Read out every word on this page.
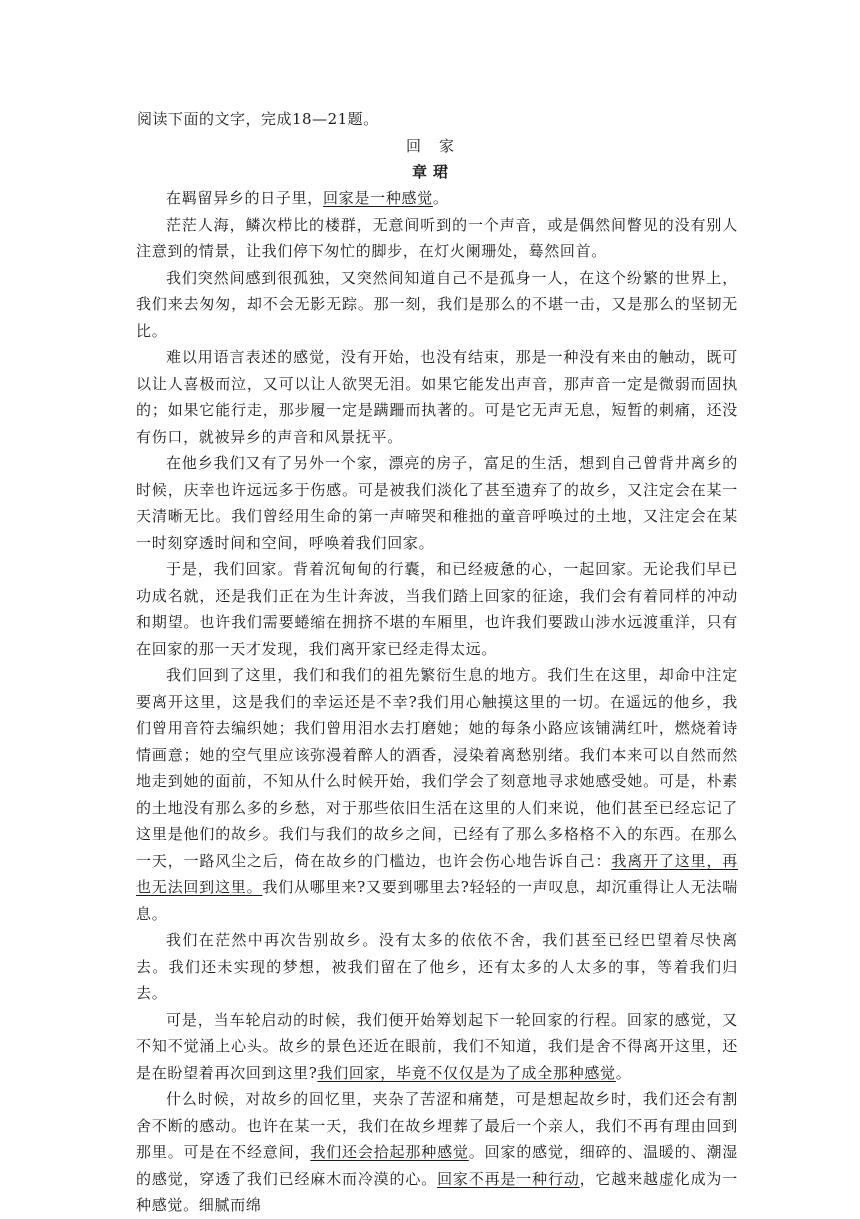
阅读下面的文字，完成18—21题。
回家
章珺

在羁留异乡的日子里，回家是一种感觉。

茫茫人海，鳞次栉比的楼群，无意间听到的一个声音，或是偶然间瞥见的没有别人注意到的情景，让我们停下匆忙的脚步，在灯火阑珊处，蓦然回首。

我们突然间感到很孤独，又突然间知道自己不是孤身一人，在这个纷繁的世界上，我们来去匆匆，却不会无影无踪。那一刻，我们是那么的不堪一击，又是那么的坚韧无比。

难以用语言表述的感觉，没有开始，也没有结束，那是一种没有来由的触动，既可以让人喜极而泣，又可以让人欲哭无泪。如果它能发出声音，那声音一定是微弱而固执的；如果它能行走，那步履一定是蹒跚而执著的。可是它无声无息，短暂的刺痛，还没有伤口，就被异乡的声音和风景抚平。

在他乡我们又有了另外一个家，漂亮的房子，富足的生活，想到自己曾背井离乡的时候，庆幸也许远远多于伤感。可是被我们淡化了甚至遗弃了的故乡，又注定会在某一天清晰无比。我们曾经用生命的第一声啼哭和稚拙的童音呼唤过的土地，又注定会在某一时刻穿透时间和空间，呼唤着我们回家。

于是，我们回家。背着沉甸甸的行囊，和已经疲惫的心，一起回家。无论我们早已功成名就，还是我们正在为生计奔波，当我们踏上回家的征途，我们会有着同样的冲动和期望。也许我们需要蜷缩在拥挤不堪的车厢里，也许我们要跋山涉水远渡重洋，只有在回家的那一天才发现，我们离开家已经走得太远。

我们回到了这里，我们和我们的祖先繁衍生息的地方。我们生在这里，却命中注定要离开这里，这是我们的幸运还是不幸?我们用心触摸这里的一切。在遥远的他乡，我们曾用音符去编织她；我们曾用泪水去打磨她；她的每条小路应该铺满红叶，燃烧着诗情画意；她的空气里应该弥漫着醉人的酒香，浸染着离愁别绪。我们本来可以自然而然地走到她的面前，不知从什么时候开始，我们学会了刻意地寻求她感受她。可是，朴素的土地没有那么多的乡愁，对于那些依旧生活在这里的人们来说，他们甚至已经忘记了这里是他们的故乡。我们与我们的故乡之间，已经有了那么多格格不入的东西。在那么一天，一路风尘之后，倚在故乡的门槛边，也许会伤心地告诉自己：我离开了这里，再也无法回到这里。我们从哪里来?又要到哪里去?轻轻的一声叹息，却沉重得让人无法喘息。

我们在茫然中再次告别故乡。没有太多的依依不舍，我们甚至已经巴望着尽快离去。我们还未实现的梦想，被我们留在了他乡，还有太多的人太多的事，等着我们归去。

可是，当车轮启动的时候，我们便开始筹划起下一轮回家的行程。回家的感觉，又不知不觉涌上心头。故乡的景色还近在眼前，我们不知道，我们是舍不得离开这里，还是在盼望着再次回到这里?我们回家，毕竟不仅仅是为了成全那种感觉。

什么时候，对故乡的回忆里，夹杂了苦涩和痛楚，可是想起故乡时，我们还会有割舍不断的感动。也许在某一天，我们在故乡埋葬了最后一个亲人，我们不再有理由回到那里。可是在不经意间，我们还会拾起那种感觉。回家的感觉，细碎的、温暖的、潮湿的感觉，穿透了我们已经麻木而冷漠的心。回家不再是一种行动，它越来越虚化成为一种感觉。细腻而绵
